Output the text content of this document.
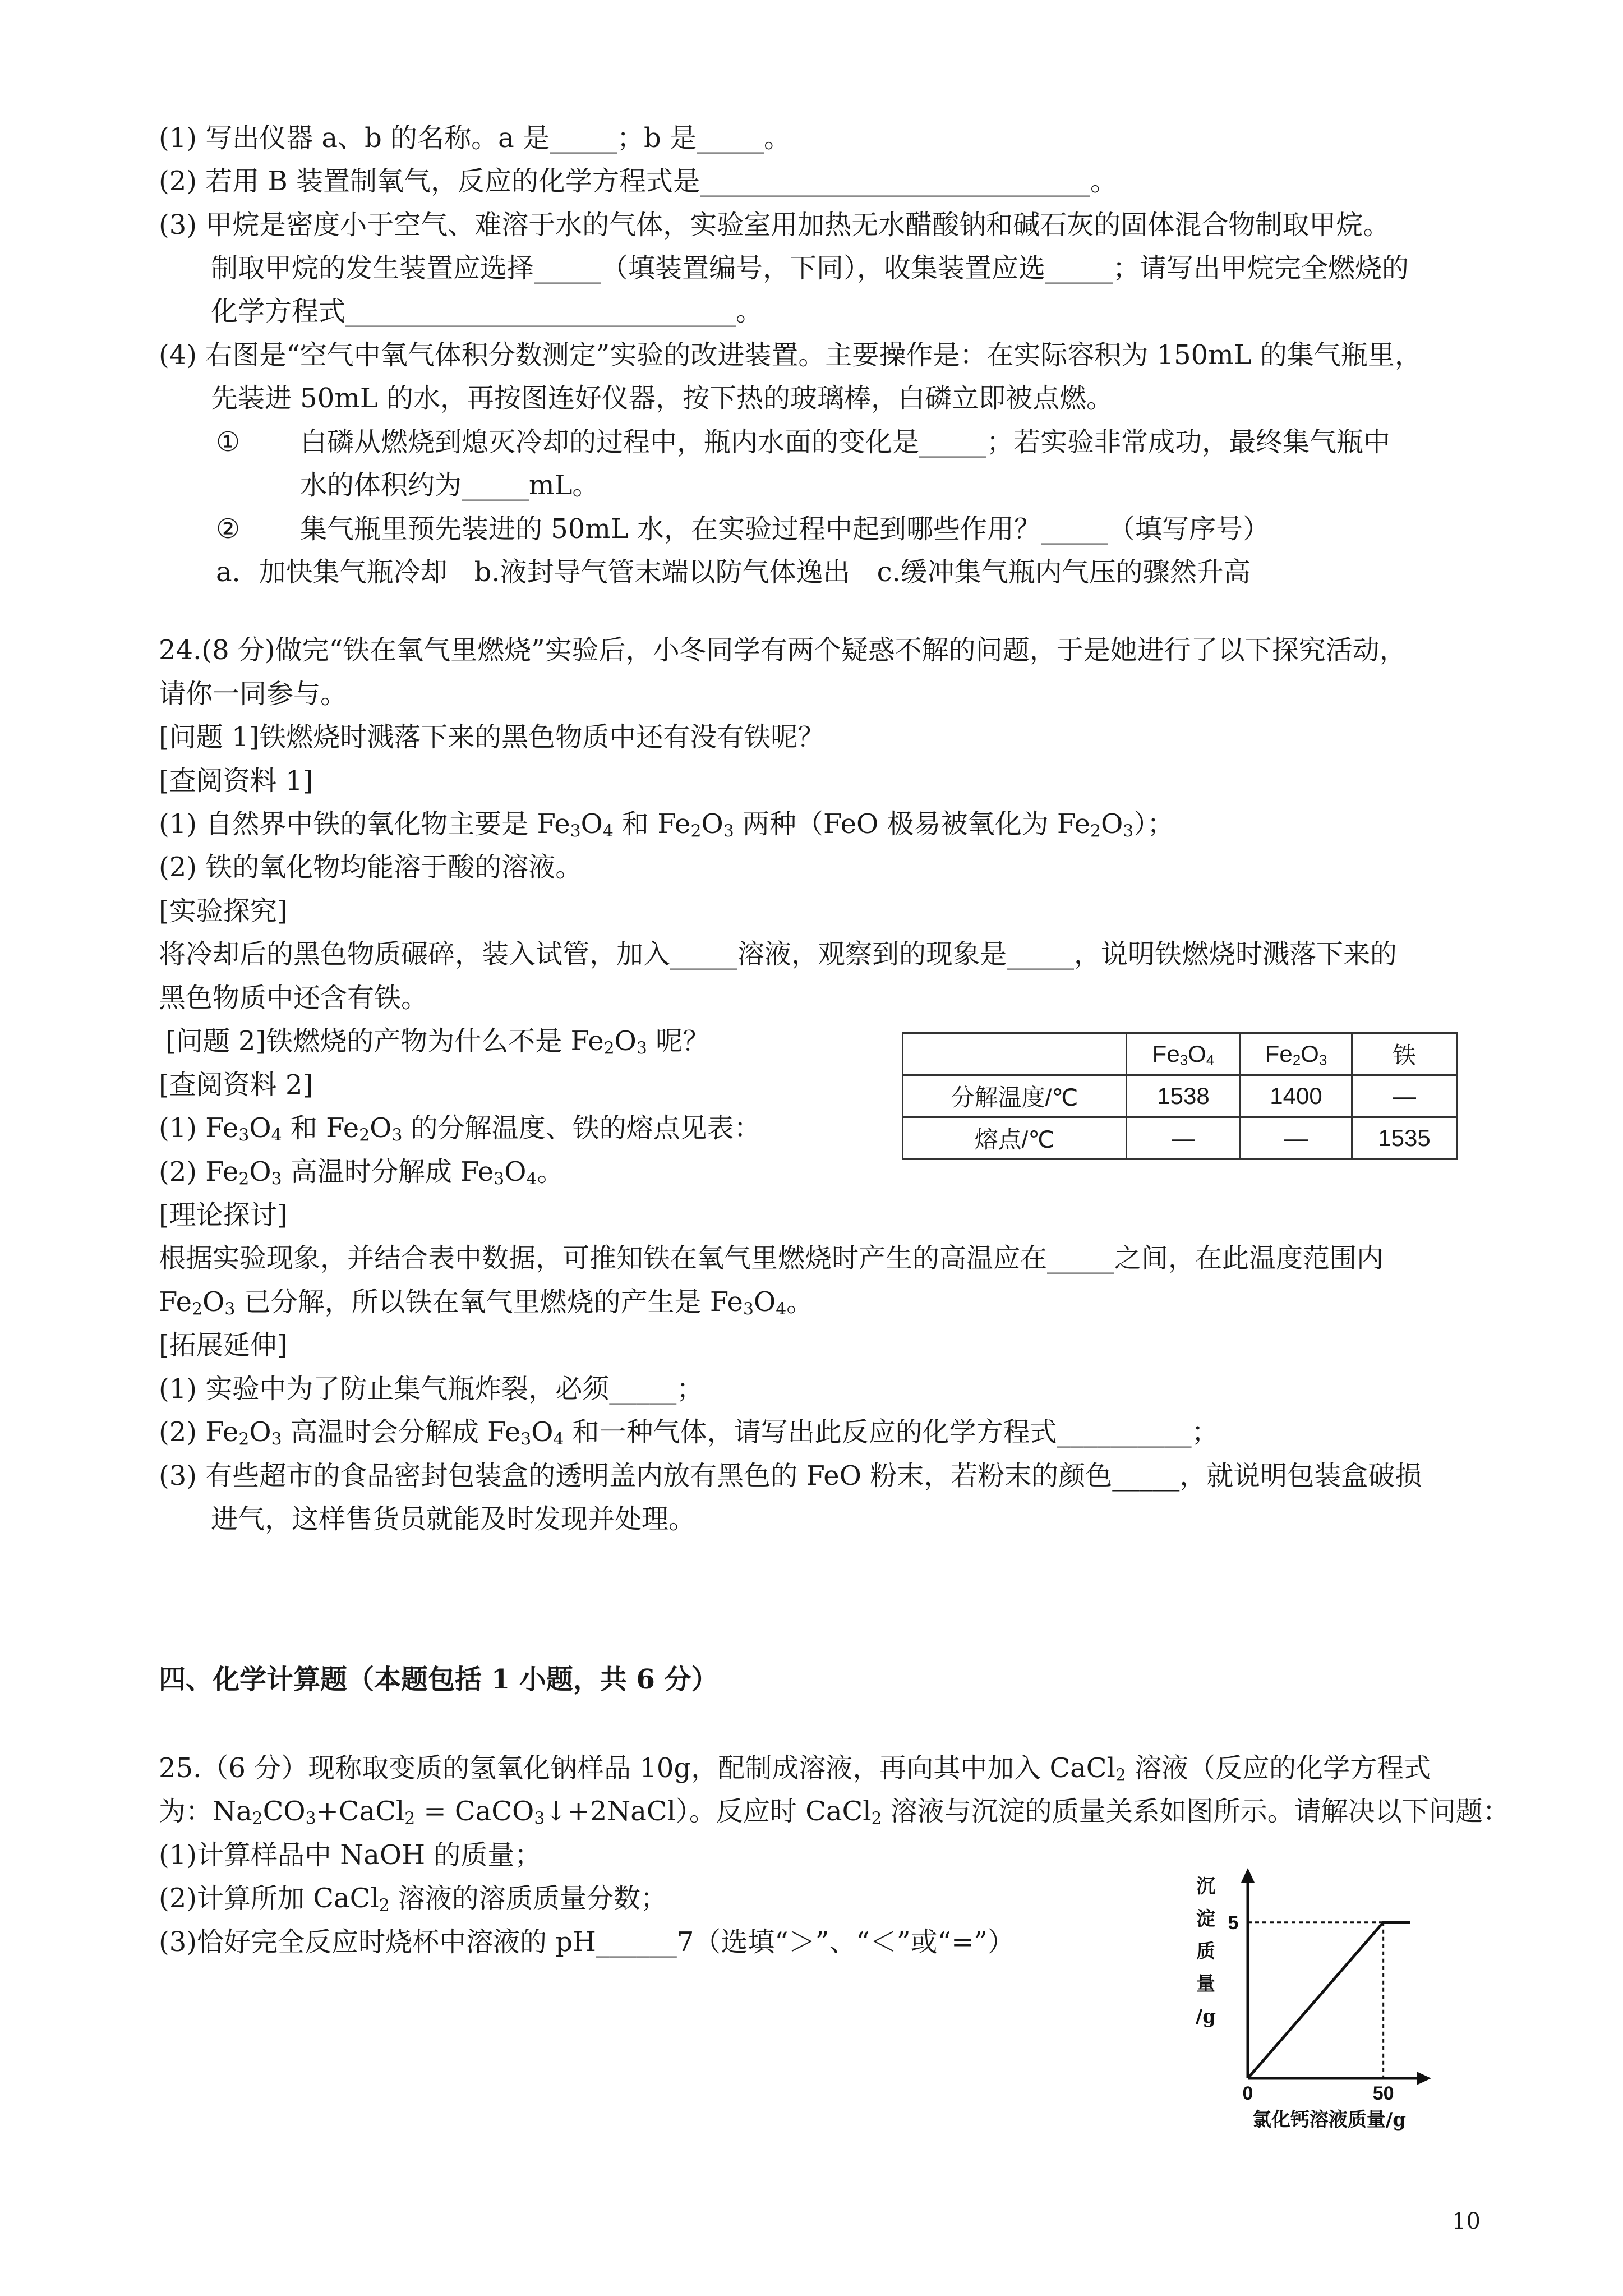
(1) 写出仪器 a、b 的名称。a 是_____；b 是_____。
(2) 若用 B 装置制氧气，反应的化学方程式是_____________________________。
(3) 甲烷是密度小于空气、难溶于水的气体，实验室用加热无水醋酸钠和碱石灰的固体混合物制取甲烷。
制取甲烷的发生装置应选择_____（填装置编号，下同），收集装置应选_____；请写出甲烷完全燃烧的
化学方程式_____________________________。
(4) 右图是“空气中氧气体积分数测定”实验的改进装置。主要操作是：在实际容积为 150mL 的集气瓶里，
先装进 50mL 的水，再按图连好仪器，按下热的玻璃棒，白磷立即被点燃。
① 白磷从燃烧到熄灭冷却的过程中，瓶内水面的变化是_____；若实验非常成功，最终集气瓶中
水的体积约为_____mL。
② 集气瓶里预先装进的 50mL 水，在实验过程中起到哪些作用？_____（填写序号）
a．加快集气瓶冷却　b.液封导气管末端以防气体逸出　c.缓冲集气瓶内气压的骤然升高
24.(8 分)做完“铁在氧气里燃烧”实验后，小冬同学有两个疑惑不解的问题，于是她进行了以下探究活动，
请你一同参与。
[问题 1]铁燃烧时溅落下来的黑色物质中还有没有铁呢？
[查阅资料 1]
(1) 自然界中铁的氧化物主要是 $Fe_3O_4$ 和 $Fe_2O_3$ 两种（FeO 极易被氧化为 $Fe_2O_3$）；
(2) 铁的氧化物均能溶于酸的溶液。
[实验探究]
将冷却后的黑色物质碾碎，装入试管，加入_____溶液，观察到的现象是_____，说明铁燃烧时溅落下来的
黑色物质中还含有铁。
[问题 2]铁燃烧的产物为什么不是 $Fe_2O_3$ 呢？
[查阅资料 2]
(1) $Fe_3O_4$ 和 $Fe_2O_3$ 的分解温度、铁的熔点见表：
(2) $Fe_2O_3$ 高温时分解成 $Fe_3O_4$。
	$Fe_3O_4$	$Fe_2O_3$	铁
分解温度/℃	1538	1400	—
熔点/℃	—	—	1535
[理论探讨]
根据实验现象，并结合表中数据，可推知铁在氧气里燃烧时产生的高温应在_____之间，在此温度范围内
$Fe_2O_3$ 已分解，所以铁在氧气里燃烧的产生是 $Fe_3O_4$。
[拓展延伸]
(1) 实验中为了防止集气瓶炸裂，必须_____；
(2) $Fe_2O_3$ 高温时会分解成 $Fe_3O_4$ 和一种气体，请写出此反应的化学方程式__________；
(3) 有些超市的食品密封包装盒的透明盖内放有黑色的 FeO 粉末，若粉末的颜色_____，就说明包装盒破损
进气，这样售货员就能及时发现并处理。
四、化学计算题（本题包括 1 小题，共 6 分）
25.（6 分）现称取变质的氢氧化钠样品 10g，配制成溶液，再向其中加入 CaCl$_2$ 溶液（反应的化学方程式
为：$Na_2CO_3+CaCl_2$ = CaCO$_3$↓+2NaCl）。反应时 CaCl$_2$ 溶液与沉淀的质量关系如图所示。请解决以下问题：
(1)计算样品中 NaOH 的质量；
(2)计算所加 CaCl$_2$ 溶液的溶质质量分数；
(3)恰好完全反应时烧杯中溶液的 pH______7（选填“＞”、“＜”或“=”）
沉
淀
质
量
/g
0	50
5
氯化钙溶液质量/g
10
